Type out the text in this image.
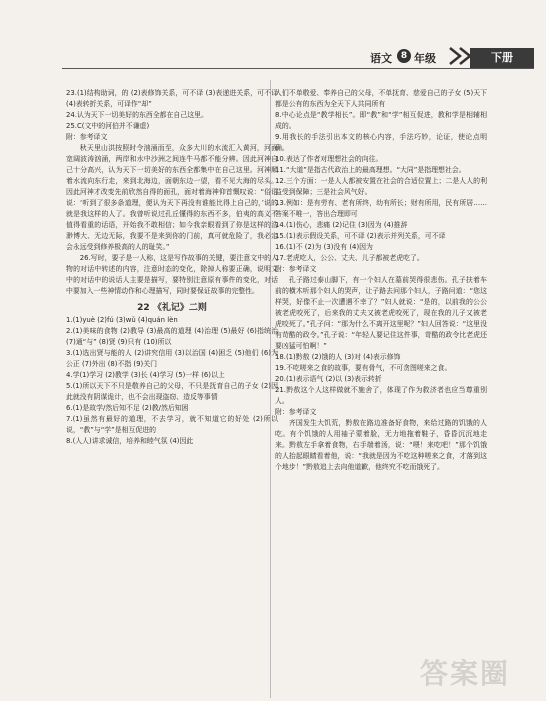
语文 8 年级	下册

23.(1)结构助词，的 (2)表修饰关系，可不译 (3)表递进关系，可不译 (4)表转折关系，可译作“却”

24.认为天下一切美好的东西全都在自己这里。

25.C(文中的河伯并不谦虚)

附：参考译文

秋天里山洪按照时令汹涌而至，众多大川的水流汇入黄河，河面宽阔波涛汹涌，两岸和水中沙洲之间连牛马都不能分辨。因此河神自己十分高兴，认为天下一切美好的东西全都集中在自己这里。河神顺着水流向东行走，来到北海边，面朝东边一望，看不见大海的尽头。因此河神才改变先前欣然自得的面孔，面对着海神仰首慨叹说：“俗语说：‘听到了很多条道理，便认为天下再没有谁能比得上自己的，’说的就是我这样的人了。我曾听说过孔丘懂得的东西不多，伯夷的高义不值得看重的话语，开始我不敢相信；如今我亲眼看到了你是这样的浩渺博大、无边无际，我要不是来到你的门前，真可就危险了，我必定会永远受到修养极高的人的耻笑。”

26.写时，要子是一人称，这是写作故事的关键，要注意文中的人物的对话中转述的内容，注意时态的变化，除掉人称要正确，说明文中的对话中的说话人主要是描写，要特别注意原有事件的变化，对话中要加入一些神情动作和心理描写，同时要保证故事的完整性。

22 《礼记》二则

1.(1)yuè (2)fú (3)wǔ (4)quán lèn

2.(1)美味的食物 (2)教导 (3)最高的道理 (4)治理 (5)最好 (6)指统治 (7)通“与” (8)贤 (9)只有 (10)所以

3.(1)选出贤与能的人 (2)讲究信用 (3)以治国 (4)困乏 (5)他们 (6)为公正 (7)外出 (8)不指 (9)关门

4.学(1)学习 (2)教学 (3)长 (4)学习 (5)一样 (6)以上

5.(1)所以天下不只是敬养自己的父母，不只是抚育自己的子女 (2)因此就没有阴谋诡计，也不会出现盗窃、造反等事情

6.(1)是故学/然后知不足 (2)教/然后知困

7.(1)虽然有最好的道理，不去学习，就不知道它的好处 (2)所以说，“教”与“学”是相互促进的

8.(人人)讲求诚信，培养和睦气氛 (4)因此

人们不单敬爱、奉养自己的父母，不单抚育、慈爱自己的子女 (5)天下都是公有的东西为全天下人共同所有

8.中心论点是“教学相长”。即“教”和“学”相互促进，教和学是相辅相成的。

9.用我长的手法引出本文的核心内容，手法巧妙，论证，使论点明确。

10.表达了作者对理想社会的向往。

11.“大道”是指古代政治上的最高理想。“大同”是指理想社会。

12.三个方面：一是人人都被安置在社会的合适位置上；二是人人的利益受到保障；三是社会风气好。

13.例如：是有劳有、老有所终，幼有所长；财有所用，民有所居…… 答案不唯一，答出合理即可

14.(1)伤心，悲痛 (2)记住 (3)因为 (4)推辞

15.(1)表示假设关系，可不译 (2)表示并列关系，可不译

16.(1)不 (2)为 (3)没有 (4)因为

17.老虎吃人，公公、丈夫、儿子都被老虎吃了。

附：参考译文

孔子路过泰山脚下，有一个妇人在墓前哭得很悲伤。孔子扶着车前的横木听那个妇人的哭声，让子路去问那个妇人，子路问道：“您这样哭，好像不止一次遭遇不幸了？”妇人就说：“是的，以前我的公公被老虎咬死了，后来我的丈夫又被老虎咬死了，现在我的儿子又被老虎咬死了。”孔子问：“那为什么不离开这里呢？”妇人回答说：“这里没有苛酷的政令。”孔子说：“年轻人要记住这件事，苛酷的政令比老虎还要凶猛可怕啊！”

18.(1)黔敖 (2)饿的人 (3)对 (4)表示修饰

19.不吃嗟来之食的故事，要有骨气，不可贪图嗟来之食。

20.(1)表示语气 (2)以 (3)表示转折

21.黔敖这个人这样做就不施舍了，体现了作为救济者也应当尊重别人。

附：参考译文

齐国发生大饥荒，黔敖在路边准备好食物，来给过路的饥饿的人吃。有个饥饿的人用袖子蒙着脸，无力地拖着鞋子，昏昏沉沉地走来。黔敖左手拿着食物，右手端着汤，说：“喂！来吃吧！”那个饥饿的人抬起眼睛看着他，说：“我就是因为不吃这种嗟来之食，才落到这个地步！”黔敖追上去向他道歉，他终究不吃而饿死了。

答案圈
